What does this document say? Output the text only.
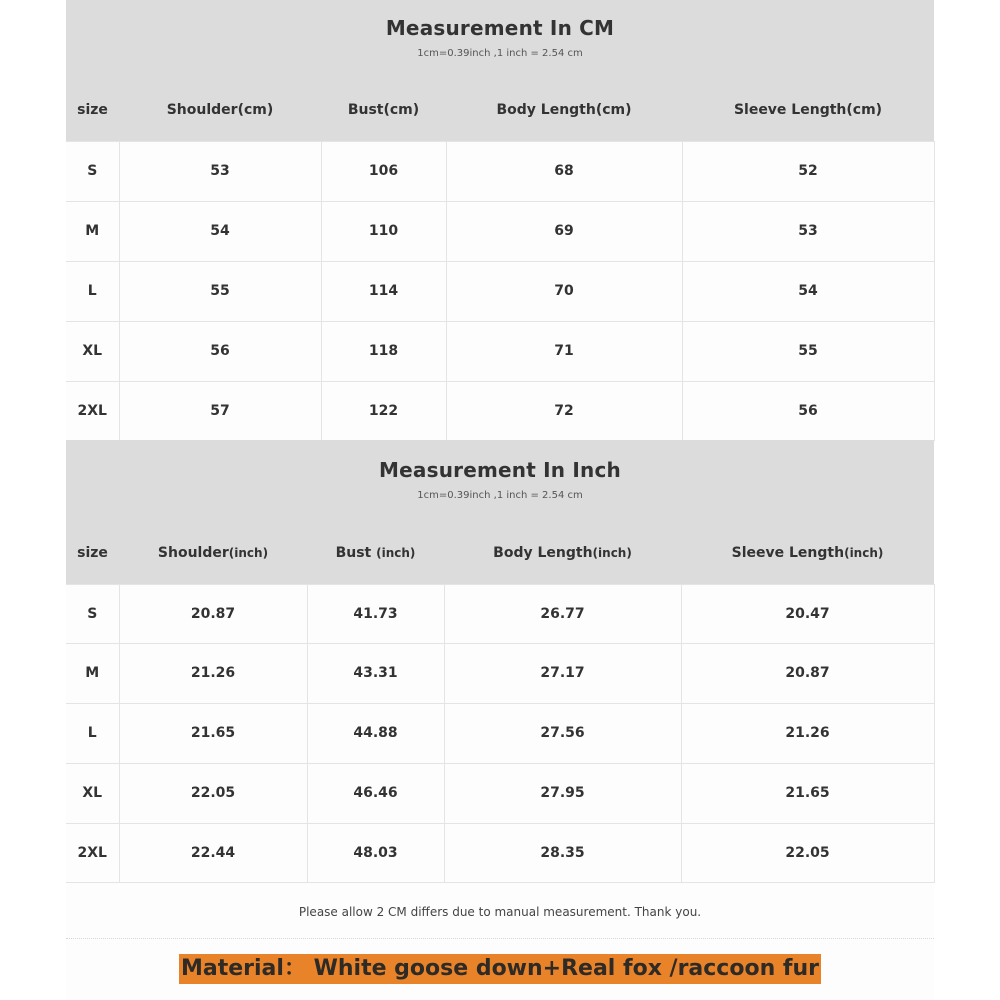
Measurement In CM
1cm=0.39inch ,1 inch = 2.54 cm
size	Shoulder(cm)	Bust(cm)	Body Length(cm)	Sleeve Length(cm)
S	53	106	68	52
M	54	110	69	53
L	55	114	70	54
XL	56	118	71	55
2XL	57	122	72	56
Measurement In Inch
1cm=0.39inch ,1 inch = 2.54 cm
size	Shoulder(inch)	Bust (inch)	Body Length(inch)	Sleeve Length(inch)
S	20.87	41.73	26.77	20.47
M	21.26	43.31	27.17	20.87
L	21.65	44.88	27.56	21.26
XL	22.05	46.46	27.95	21.65
2XL	22.44	48.03	28.35	22.05
Please allow 2 CM differs due to manual measurement. Thank you.
Material： White goose down+Real fox /raccoon fur
